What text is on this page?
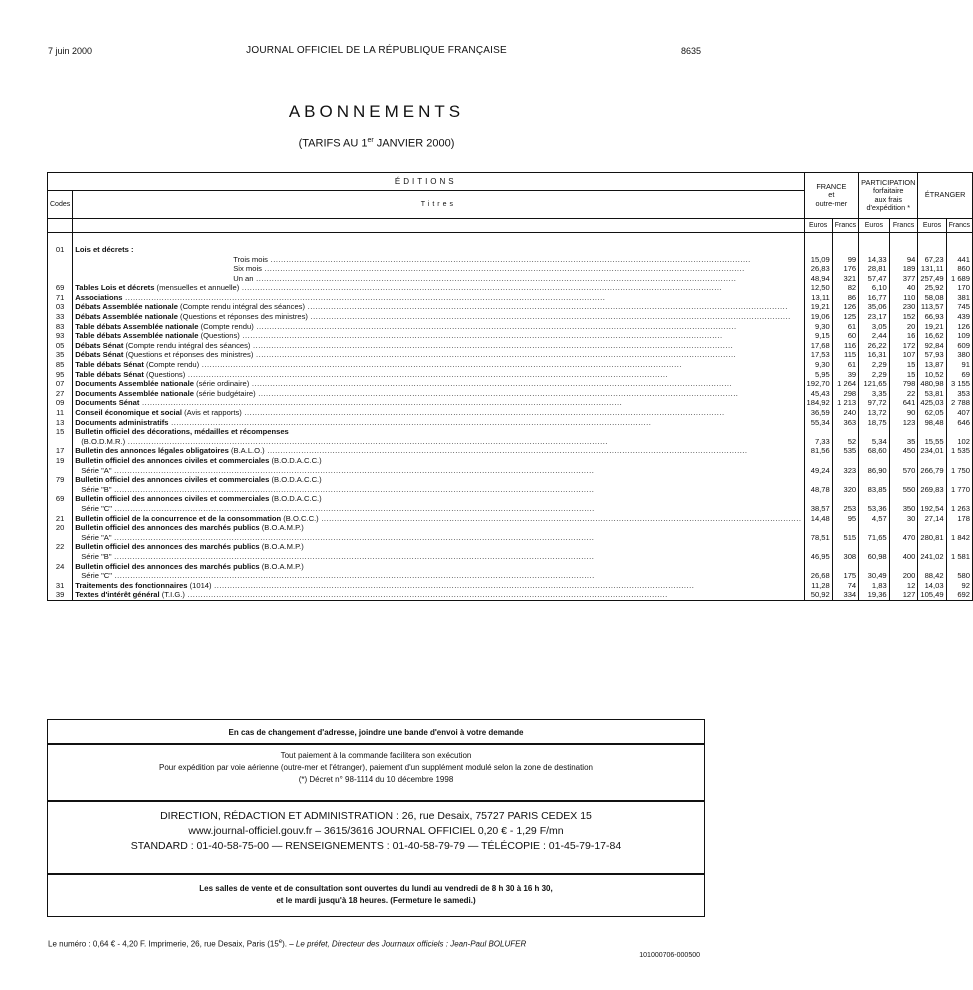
7 juin 2000	JOURNAL OFFICIEL DE LA RÉPUBLIQUE FRANÇAISE	8635
ABONNEMENTS
(TARIFS AU 1er JANVIER 2000)
ÉDITIONS		FRANCE
et
outre-mer		PARTICIPATION
forfaitaire
aux frais
d'expédition *		ÉTRANGER	
Codes	Titres						
		Euros	Francs	Euros	Francs	Euros	Francs
01	Lois et décrets :						

	Trois mois .....	15,09	99	14,33	94	67,23	441
	Six mois .....	26,83	176	28,81	189	131,11	860
	Un an .....	48,94	321	57,47	377	257,49	1 689
69	Tables Lois et décrets (mensuelles et annuelle) .....	12,50	82	6,10	40	25,92	170
71	Associations .....	13,11	86	16,77	110	58,08	381
03	Débats Assemblée nationale (Compte rendu intégral des séances) .....	19,21	126	35,06	230	113,57	745
33	Débats Assemblée nationale (Questions et réponses des ministres) .....	19,06	125	23,17	152	66,93	439
83	Table débats Assemblée nationale (Compte rendu) .....	9,30	61	3,05	20	19,21	126
93	Table débats Assemblée nationale (Questions) .....	9,15	60	2,44	16	16,62	109
05	Débats Sénat (Compte rendu intégral des séances) .....	17,68	116	26,22	172	92,84	609
35	Débats Sénat (Questions et réponses des ministres) .....	17,53	115	16,31	107	57,93	380
85	Table débats Sénat (Compte rendu) .....	9,30	61	2,29	15	13,87	91
95	Table débats Sénat (Questions) .....	5,95	39	2,29	15	10,52	69
07	Documents Assemblée nationale (série ordinaire) .....	192,70	1 264	121,65	798	480,98	3 155
27	Documents Assemblée nationale (série budgétaire) .....	45,43	298	3,35	22	53,81	353
09	Documents Sénat .....	184,92	1 213	97,72	641	425,03	2 788
11	Conseil économique et social (Avis et rapports) .....	36,59	240	13,72	90	62,05	407
13	Documents administratifs .....	55,34	363	18,75	123	98,48	646
15	Bulletin officiel des décorations, médailles et récompenses
(B.O.D.M.R.) .....	7,33	52	5,34	35	15,55	102
17	Bulletin des annonces légales obligatoires (B.A.L.O.) .....	81,56	535	68,60	450	234,01	1 535
19	Bulletin officiel des annonces civiles et commerciales (B.O.D.A.C.C.)
Série "A" .....	49,24	323	86,90	570	266,79	1 750
79	Bulletin officiel des annonces civiles et commerciales (B.O.D.A.C.C.)
Série "B" .....	48,78	320	83,85	550	269,83	1 770
69	Bulletin officiel des annonces civiles et commerciales (B.O.D.A.C.C.)
Série "C" .....	38,57	253	53,36	350	192,54	1 263
21	Bulletin officiel de la concurrence et de la consommation (B.O.C.C.) .....	14,48	95	4,57	30	27,14	178
20	Bulletin officiel des annonces des marchés publics (B.O.A.M.P.)
Série "A" .....	78,51	515	71,65	470	280,81	1 842
22	Bulletin officiel des annonces des marchés publics (B.O.A.M.P.)
Série "B" .....	46,95	308	60,98	400	241,02	1 581
24	Bulletin officiel des annonces des marchés publics (B.O.A.M.P.)
Série "C" .....	26,68	175	30,49	200	88,42	580
31	Traitements des fonctionnaires (1014) .....	11,28	74	1,83	12	14,03	92
39	Textes d'intérêt général (T.I.G.) .....	50,92	334	19,36	127	105,49	692
En cas de changement d'adresse, joindre une bande d'envoi à votre demande
Tout paiement à la commande facilitera son exécution
Pour expédition par voie aérienne (outre-mer et l'étranger), paiement d'un supplément modulé selon la zone de destination
(*) Décret n° 98-1114 du 10 décembre 1998
DIRECTION, RÉDACTION ET ADMINISTRATION : 26, rue Desaix, 75727 PARIS CEDEX 15
www.journal-officiel.gouv.fr – 3615/3616 JOURNAL OFFICIEL 0,20 € - 1,29 F/mn
STANDARD : 01-40-58-75-00 — RENSEIGNEMENTS : 01-40-58-79-79 — TÉLÉCOPIE : 01-45-79-17-84
Les salles de vente et de consultation sont ouvertes du lundi au vendredi de 8 h 30 à 16 h 30,
et le mardi jusqu'à 18 heures. (Fermeture le samedi.)
Le numéro : 0,64 € - 4,20 F. Imprimerie, 26, rue Desaix, Paris (15e). – Le préfet, Directeur des Journaux officiels : Jean-Paul BOLUFER
101000706-000500
